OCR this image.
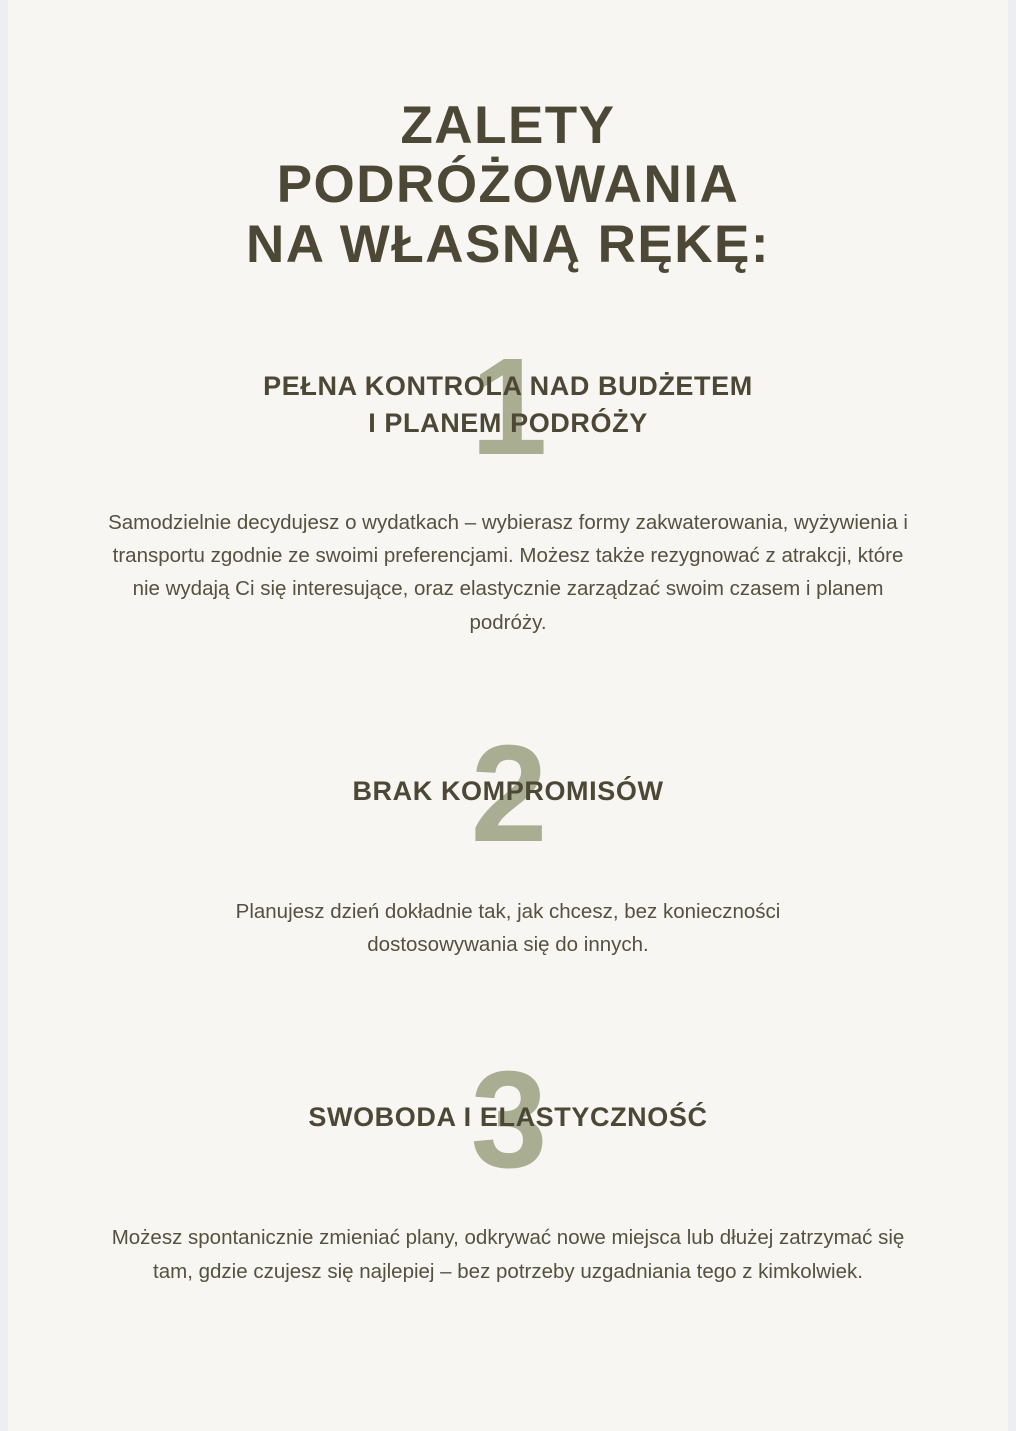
ZALETY
PODRÓŻOWANIA
NA WŁASNĄ RĘKĘ:
1
PEŁNA KONTROLA NAD BUDŻETEM
I PLANEM PODRÓŻY

Samodzielnie decydujesz o wydatkach – wybierasz formy zakwaterowania, wyżywienia i transportu zgodnie ze swoimi preferencjami. Możesz także rezygnować z atrakcji, które nie wydają Ci się interesujące, oraz elastycznie zarządzać swoim czasem i planem podróży.

2
BRAK KOMPROMISÓW

Planujesz dzień dokładnie tak, jak chcesz, bez konieczności dostosowywania się do innych.

3
SWOBODA I ELASTYCZNOŚĆ

Możesz spontanicznie zmieniać plany, odkrywać nowe miejsca lub dłużej zatrzymać się tam, gdzie czujesz się najlepiej – bez potrzeby uzgadniania tego z kimkolwiek.
